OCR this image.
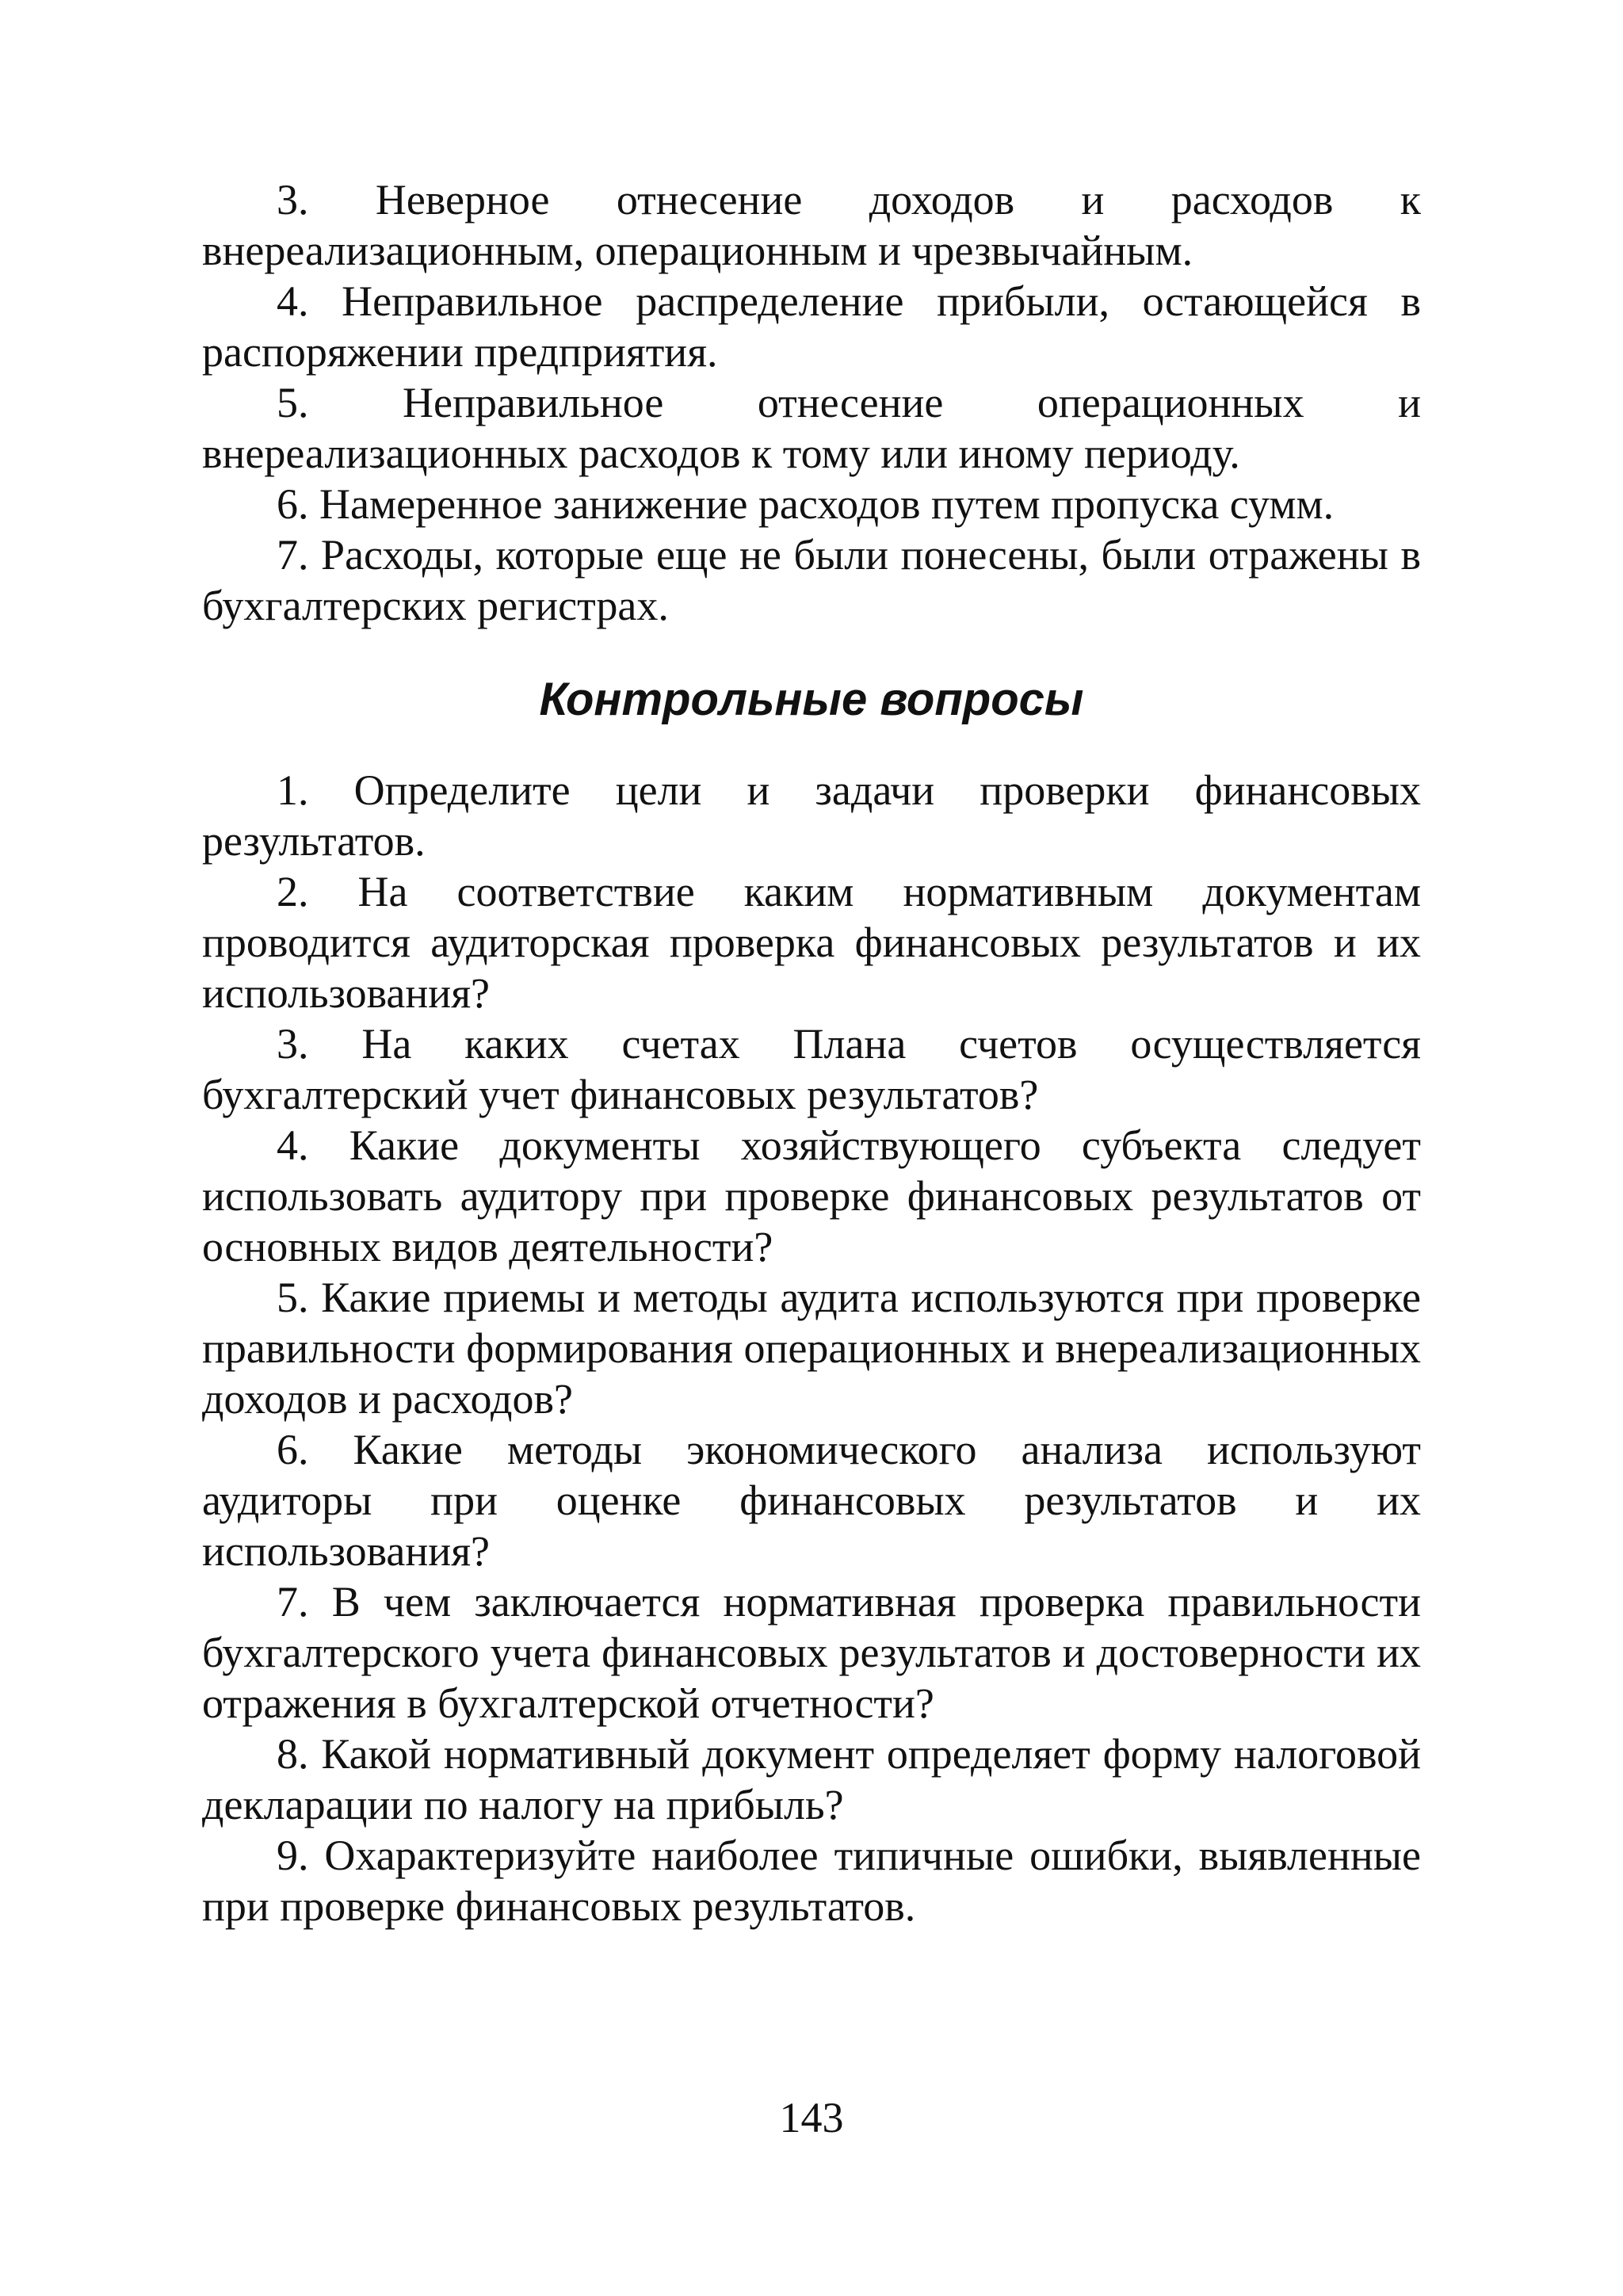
3. Неверное отнесение доходов и расходов к внереализационным, операционным и чрезвычайным.

4. Неправильное распределение прибыли, остающейся в распоряжении предприятия.

5. Неправильное отнесение операционных и внереализационных расходов к тому или иному периоду.

6. Намеренное занижение расходов путем пропуска сумм.

7. Расходы, которые еще не были понесены, были отражены в бухгалтерских регистрах.

Контрольные вопросы

1. Определите цели и задачи проверки финансовых результатов.

2. На соответствие каким нормативным документам проводится аудиторская проверка финансовых результатов и их использования?

3. На каких счетах Плана счетов осуществляется бухгалтерский учет финансовых результатов?

4. Какие документы хозяйствующего субъекта следует использовать аудитору при проверке финансовых результатов от основных видов деятельности?

5. Какие приемы и методы аудита используются при проверке правильности формирования операционных и внереализационных доходов и расходов?

6. Какие методы экономического анализа используют аудиторы при оценке финансовых результатов и их использования?

7. В чем заключается нормативная проверка правильности бухгалтерского учета финансовых результатов и достоверности их отражения в бухгалтерской отчетности?

8. Какой нормативный документ определяет форму налоговой декларации по налогу на прибыль?

9. Охарактеризуйте наиболее типичные ошибки, выявленные при проверке финансовых результатов.

143
